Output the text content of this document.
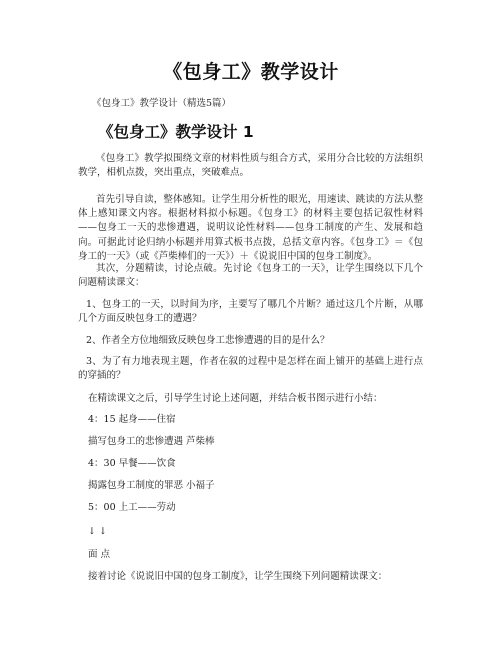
《包身工》教学设计
《包身工》教学设计（精选5篇）
《包身工》教学设计 1

《包身工》教学拟围绕文章的材料性质与组合方式，采用分合比较的方法组织教学，相机点拨，突出重点，突破难点。

首先引导自读，整体感知。让学生用分析性的眼光，用速读、跳读的方法从整体上感知课文内容。根据材料拟小标题。《包身工》的材料主要包括记叙性材料——包身工一天的悲惨遭遇，说明议论性材料——包身工制度的产生、发展和趋向。可据此讨论归纳小标题并用算式板书点拨，总括文章内容。《包身工》＝《包身工的一天》（或《芦柴棒们的一天》）＋《说说旧中国的包身工制度》。

其次，分题精读，讨论点破。先讨论《包身工的一天》，让学生围绕以下几个问题精读课文：

1、包身工的一天，以时间为序，主要写了哪几个片断？通过这几个片断，从哪几个方面反映包身工的遭遇？

2、作者全方位地细致反映包身工悲惨遭遇的目的是什么？

3、为了有力地表现主题，作者在叙的过程中是怎样在面上铺开的基础上进行点的穿插的？

在精读课文之后，引导学生讨论上述问题，并结合板书图示进行小结：

4：15 起身——住宿
描写包身工的悲惨遭遇 芦柴棒
4：30 早餐——饮食
揭露包身工制度的罪恶 小福子
5：00 上工——劳动
↓ ↓
面 点

接着讨论《说说旧中国的包身工制度》，让学生围绕下列问题精读课文：
